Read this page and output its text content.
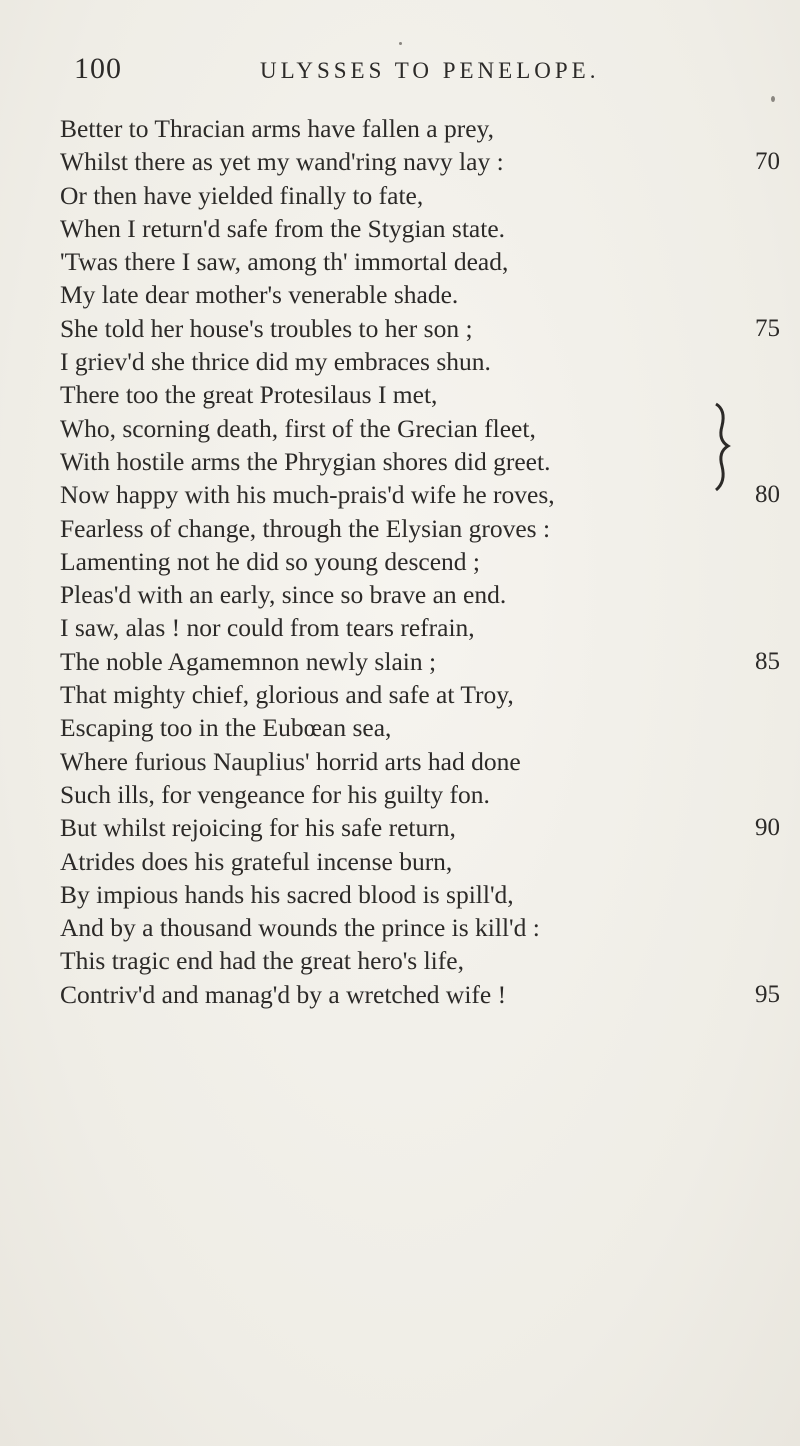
100	ULYSSES TO PENELOPE.
Better to Thracian arms have fallen a prey,
Whilst there as yet my wand'ring navy lay :	70
Or then have yielded finally to fate,
When I return'd safe from the Stygian state.
'Twas there I saw, among th' immortal dead,
My late dear mother's venerable shade.
She told her house's troubles to her son ;	75
I griev'd she thrice did my embraces shun.
There too the great Protesilaus I met,
Who, scorning death, first of the Grecian fleet,
With hostile arms the Phrygian shores did greet.
Now happy with his much-prais'd wife he roves,	80
Fearless of change, through the Elysian groves :
Lamenting not he did so young descend ;
Pleas'd with an early, since so brave an end.
I saw, alas ! nor could from tears refrain,
The noble Agamemnon newly slain ;	85
That mighty chief, glorious and safe at Troy,
Escaping too in the Eubœan sea,
Where furious Nauplius' horrid arts had done
Such ills, for vengeance for his guilty fon.
But whilst rejoicing for his safe return,	90
Atrides does his grateful incense burn,
By impious hands his sacred blood is spill'd,
And by a thousand wounds the prince is kill'd :
This tragic end had the great hero's life,
Contriv'd and manag'd by a wretched wife !	95
